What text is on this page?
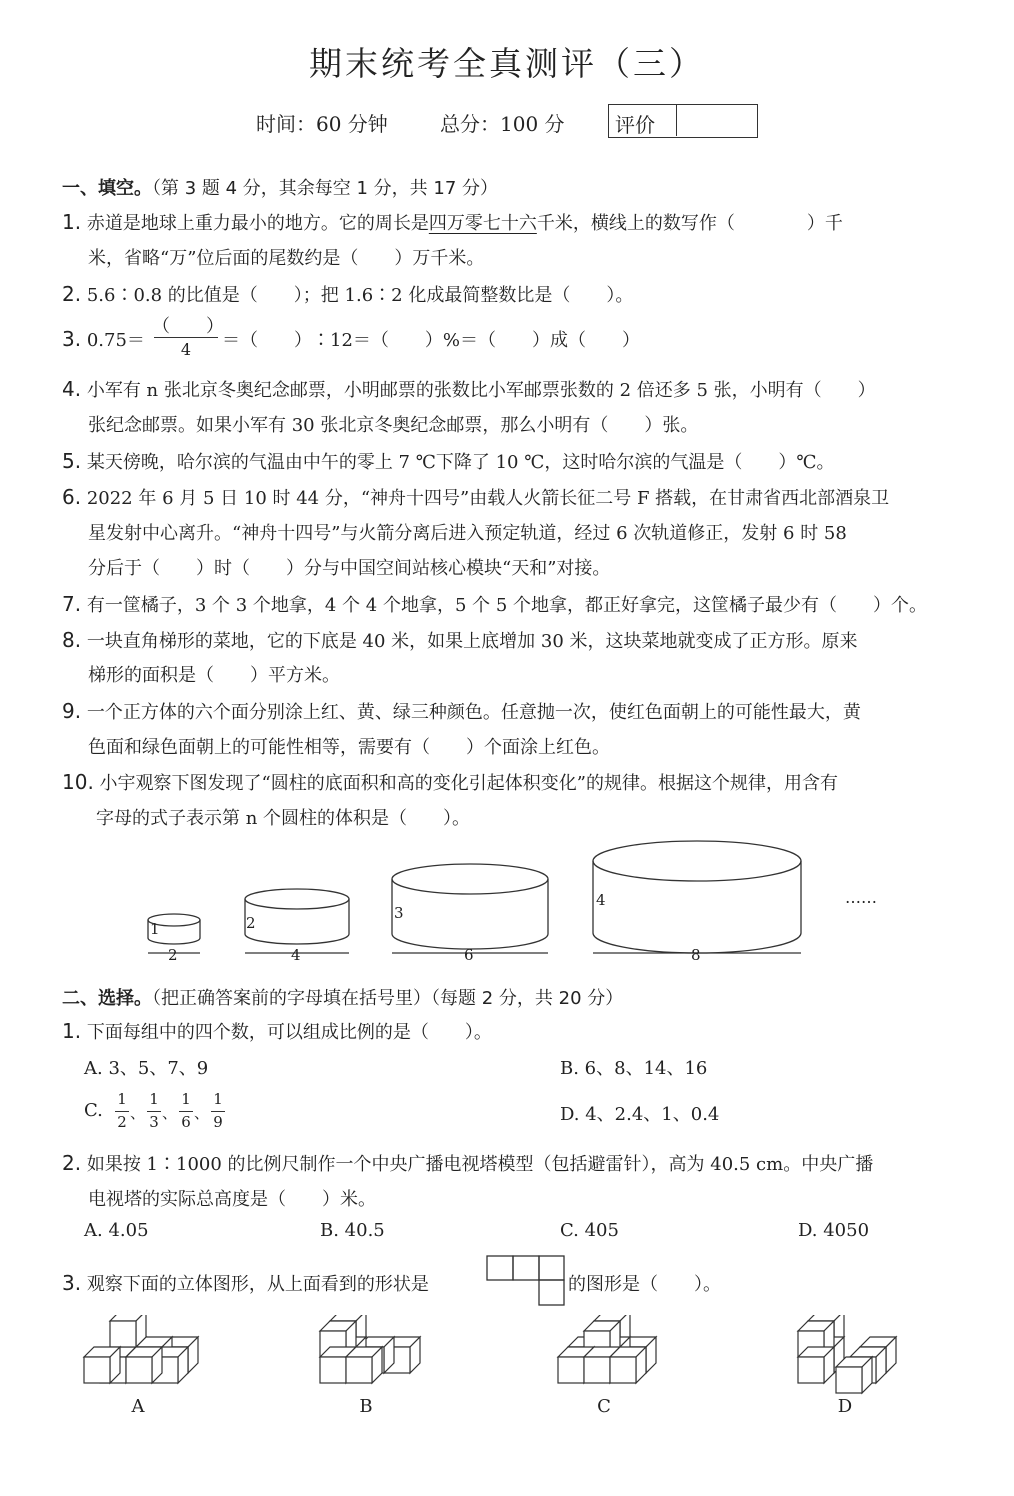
期末统考全真测评（三）
时间：60 分钟	总分：100 分	评价
一、填空。（第 3 题 4 分，其余每空 1 分，共 17 分）
1. 赤道是地球上重力最小的地方。它的周长是四万零七十六千米，横线上的数写作（　　　　）千
米，省略“万”位后面的尾数约是（　　）万千米。
2. 5.6∶0.8 的比值是（　　）；把 1.6∶2 化成最简整数比是（　　）。
3. 0.75＝
（　　）
4	＝（　　）∶12＝（　　）%＝（　　）成（　　）
4. 小军有 n 张北京冬奥纪念邮票，小明邮票的张数比小军邮票张数的 2 倍还多 5 张，小明有（　　）
张纪念邮票。如果小军有 30 张北京冬奥纪念邮票，那么小明有（　　）张。
5. 某天傍晚，哈尔滨的气温由中午的零上 7 ℃下降了 10 ℃，这时哈尔滨的气温是（　　）℃。
6. 2022 年 6 月 5 日 10 时 44 分，“神舟十四号”由载人火箭长征二号 F 搭载，在甘肃省西北部酒泉卫
星发射中心离升。“神舟十四号”与火箭分离后进入预定轨道，经过 6 次轨道修正，发射 6 时 58
分后于（　　）时（　　）分与中国空间站核心模块“天和”对接。
7. 有一筐橘子，3 个 3 个地拿，4 个 4 个地拿，5 个 5 个地拿，都正好拿完，这筐橘子最少有（　　）个。
8. 一块直角梯形的菜地，它的下底是 40 米，如果上底增加 30 米，这块菜地就变成了正方形。原来
梯形的面积是（　　）平方米。
9. 一个正方体的六个面分别涂上红、黄、绿三种颜色。任意抛一次，使红色面朝上的可能性最大，黄
色面和绿色面朝上的可能性相等，需要有（　　）个面涂上红色。
10. 小宇观察下图发现了“圆柱的底面积和高的变化引起体积变化”的规律。根据这个规律，用含有
字母的式子表示第 n 个圆柱的体积是（　　）。
1
2
2
4
3
6
4
8
……
二、选择。（把正确答案前的字母填在括号里）（每题 2 分，共 20 分）
1. 下面每组中的四个数，可以组成比例的是（　　）。
A. 3、5、7、9	B. 6、8、14、16
C.
1
2 、
1
3 、
1
6 、
1
9	D. 4、2.4、1、0.4
2. 如果按 1∶1000 的比例尺制作一个中央广播电视塔模型（包括避雷针），高为 40.5 cm。中央广播
电视塔的实际总高度是（　　）米。
A. 4.05	B. 40.5	C. 405	D. 4050
3. 观察下面的立体图形，从上面看到的形状是	的图形是（　　）。
A	B	C	D
